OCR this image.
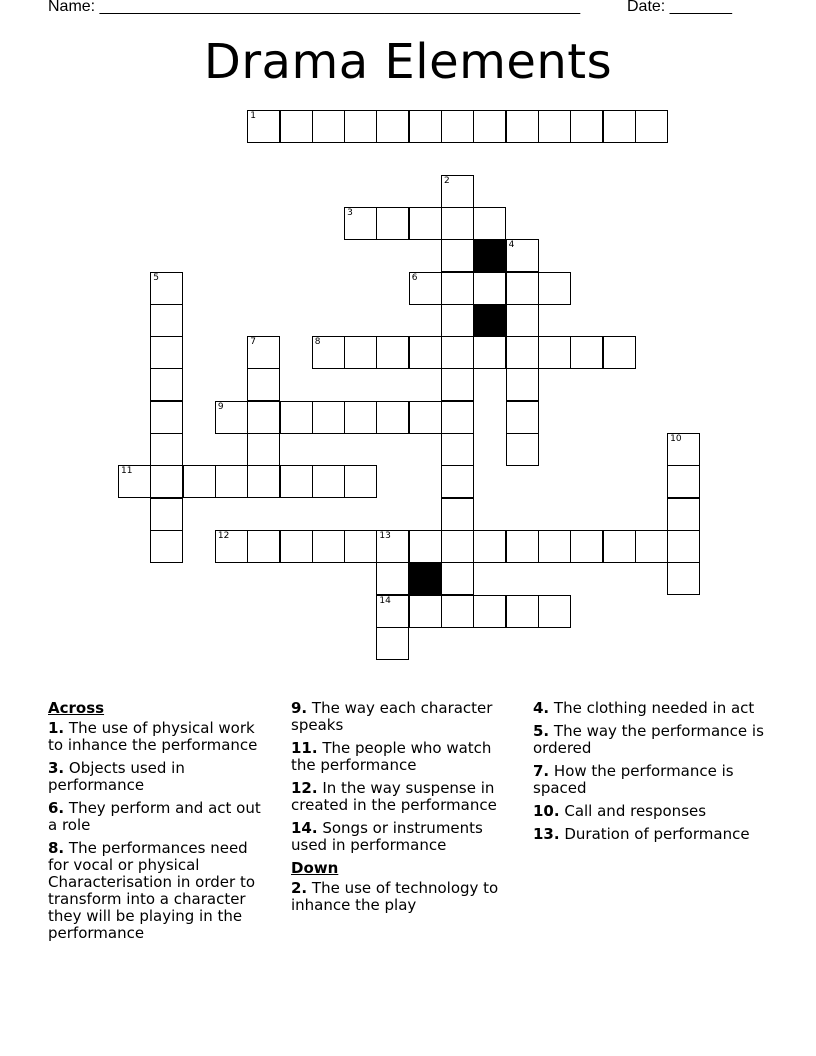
Name: ______________________________________________________	Date: _______
Drama Elements
1
2
3
4
5	6
7	8
9
10
11
12	13
14
Across
1. The use of physical work to inhance the performance
3. Objects used in performance
6. They perform and act out a role
8. The performances need for vocal or physical Characterisation in order to transform into a character they will be playing in the performance
9. The way each character speaks
11. The people who watch the performance
12. In the way suspense in created in the performance
14. Songs or instruments used in performance
Down
2. The use of technology to inhance the play
4. The clothing needed in act
5. The way the performance is ordered
7. How the performance is spaced
10. Call and responses
13. Duration of performance
